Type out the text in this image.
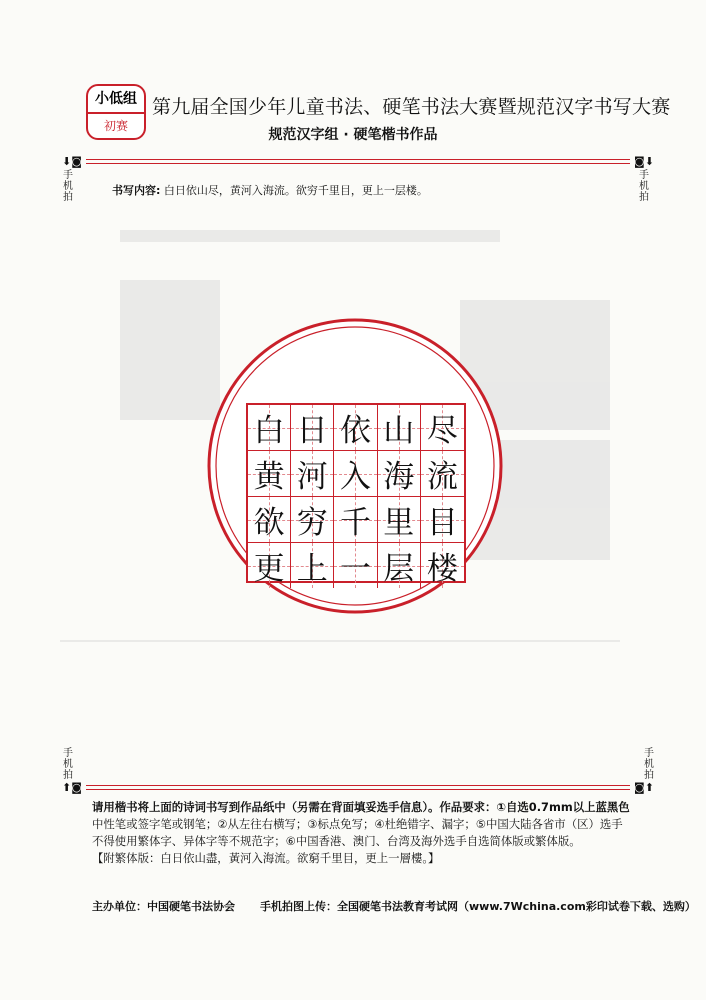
小低组
初赛
第九届全国少年儿童书法、硬笔书法大赛暨规范汉字书写大赛
规范汉字组 · 硬笔楷书作品
⬇◙
手
机
拍
◙⬇
手
机
拍
书写内容: 白日依山尽，黄河入海流。欲穷千里目，更上一层楼。
白 日 依 山 尽
黄 河 入 海 流
欲 穷 千 里 目
更 上 一 层 楼
手
机
拍
⬆◙
手
机
拍
◙⬆

请用楷书将上面的诗词书写到作品纸中（另需在背面填妥选手信息）。作品要求：①自选0.7mm以上蓝黑色

中性笔或签字笔或钢笔；②从左往右横写；③标点免写；④杜绝错字、漏字；⑤中国大陆各省市（区）选手

不得使用繁体字、异体字等不规范字；⑥中国香港、澳门、台湾及海外选手自选简体版或繁体版。

【附繁体版：白日依山盡，黃河入海流。欲窮千里目，更上一層樓。】

主办单位：中国硬笔书法协会 手机拍图上传：全国硬笔书法教育考试网（www.7Wchina.com彩印试卷下载、选购）
